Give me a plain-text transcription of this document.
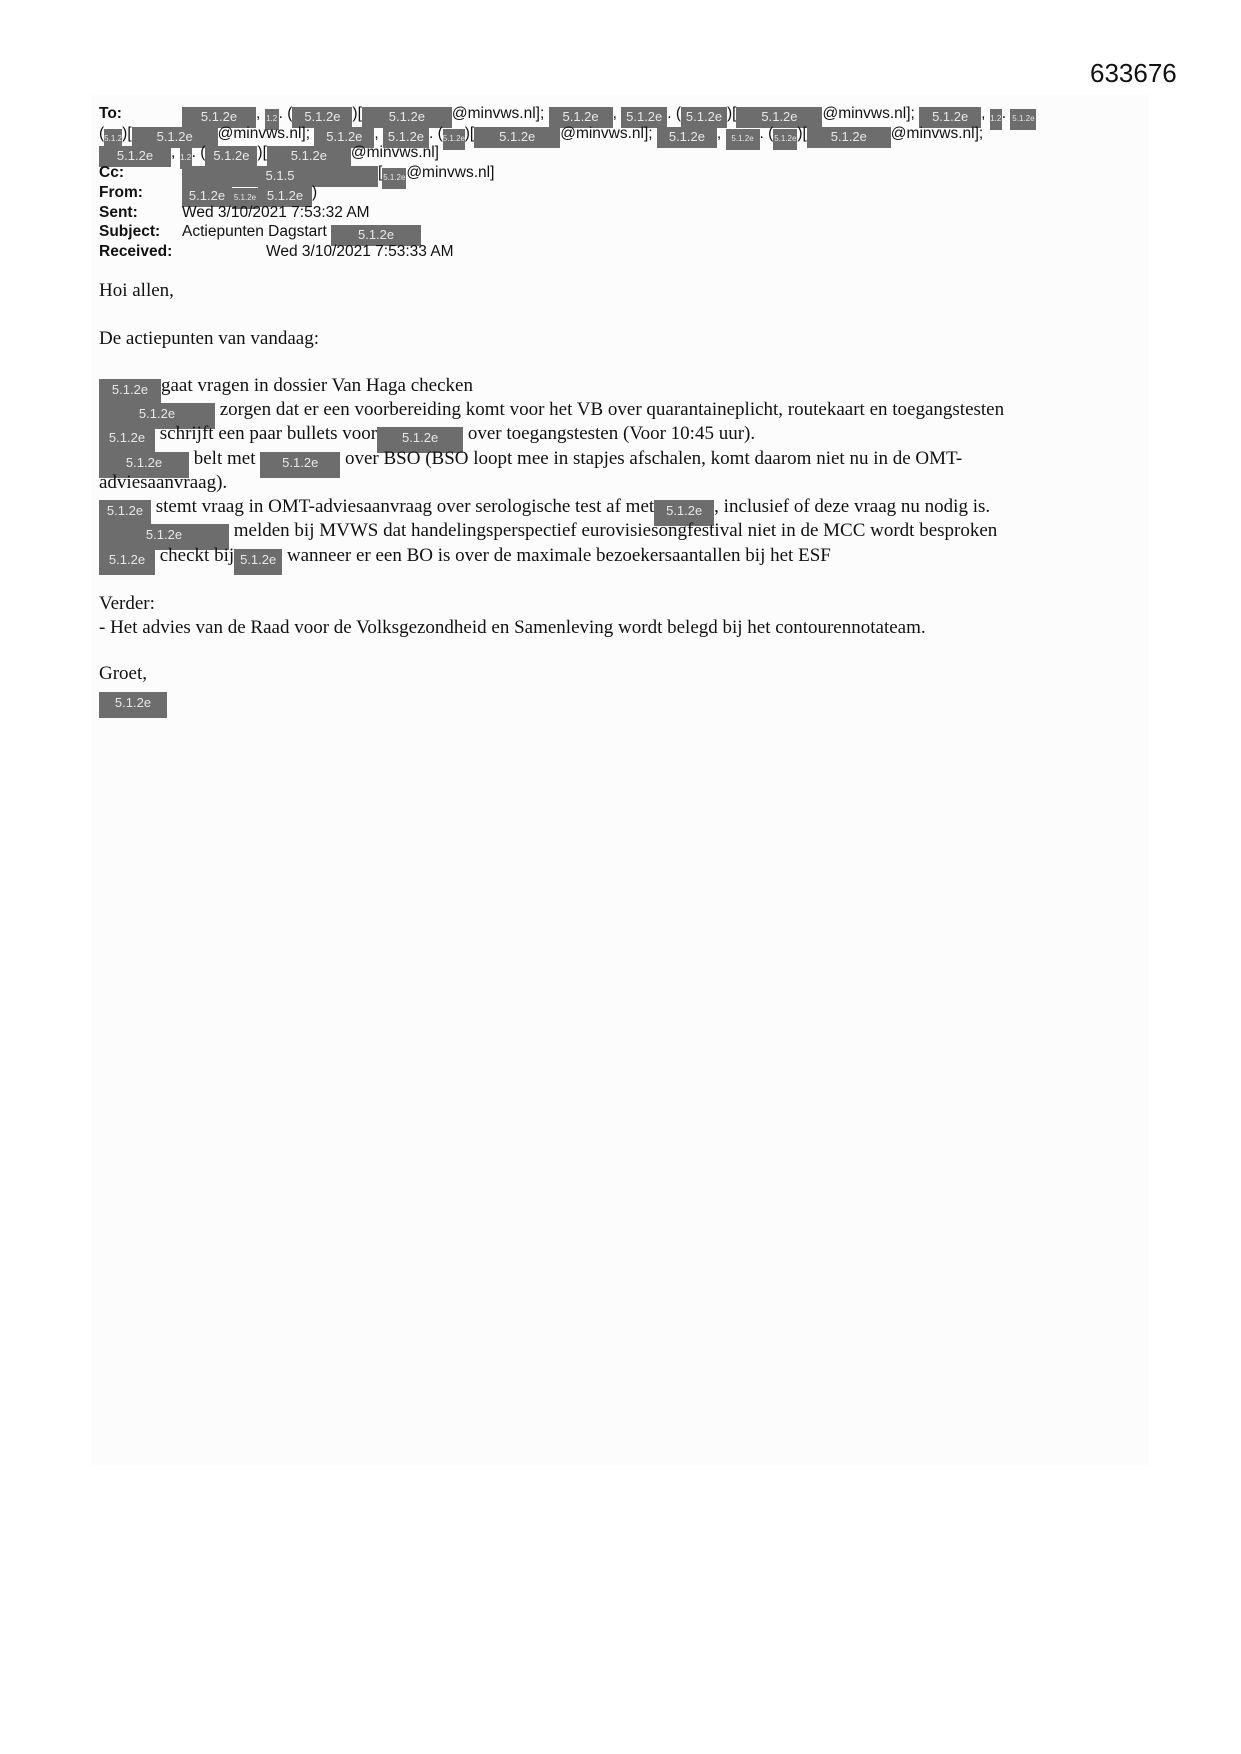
633676
To:	5.1.2e , 1.2. ( 5.1.2e )[ 5.1.2e @minvws.nl]; 5.1.2e , 5.1.2e . ( 5.1.2e )[ 5.1.2e @minvws.nl]; 5.1.2e , 1.2. 5.1.2e
(5.1.2e)[ 5.1.2e @minvws.nl]; 5.1.2e , 5.1.2e . (5.1.2e)[ 5.1.2e @minvws.nl]; 5.1.2e , 5.1.2e . (5.1.2e)[ 5.1.2e @minvws.nl];
5.1.2e , 1.2. ( 5.1.2e )[ 5.1.2e @minvws.nl]
Cc:	5.1.5	[5.1.2e@minvws.nl]
From:	5.1.2e 5.1.2e 5.1.2e )
Sent:	Wed 3/10/2021 7:53:32 AM
Subject: Actiepunten Dagstart 5.1.2e
Received:	Wed 3/10/2021 7:53:33 AM
Hoi allen,
De actiepunten van vandaag:
5.1.2e gaat vragen in dossier Van Haga checken
5.1.2e zorgen dat er een voorbereiding komt voor het VB over quarantaineplicht, routekaart en toegangstesten
5.1.2e schrijft een paar bullets voor 5.1.2e over toegangstesten (Voor 10:45 uur).
5.1.2e belt met 5.1.2e over BSO (BSO loopt mee in stapjes afschalen, komt daarom niet nu in de OMT-
adviesaanvraag).
5.1.2e stemt vraag in OMT-adviesaanvraag over serologische test af met 5.1.2e , inclusief of deze vraag nu nodig is.
5.1.2e melden bij MVWS dat handelingsperspectief eurovisiesongfestival niet in de MCC wordt besproken
5.1.2e checkt bij 5.1.2e wanneer er een BO is over de maximale bezoekersaantallen bij het ESF
Verder:
- Het advies van de Raad voor de Volksgezondheid en Samenleving wordt belegd bij het contourennotateam.
Groet,
5.1.2e
